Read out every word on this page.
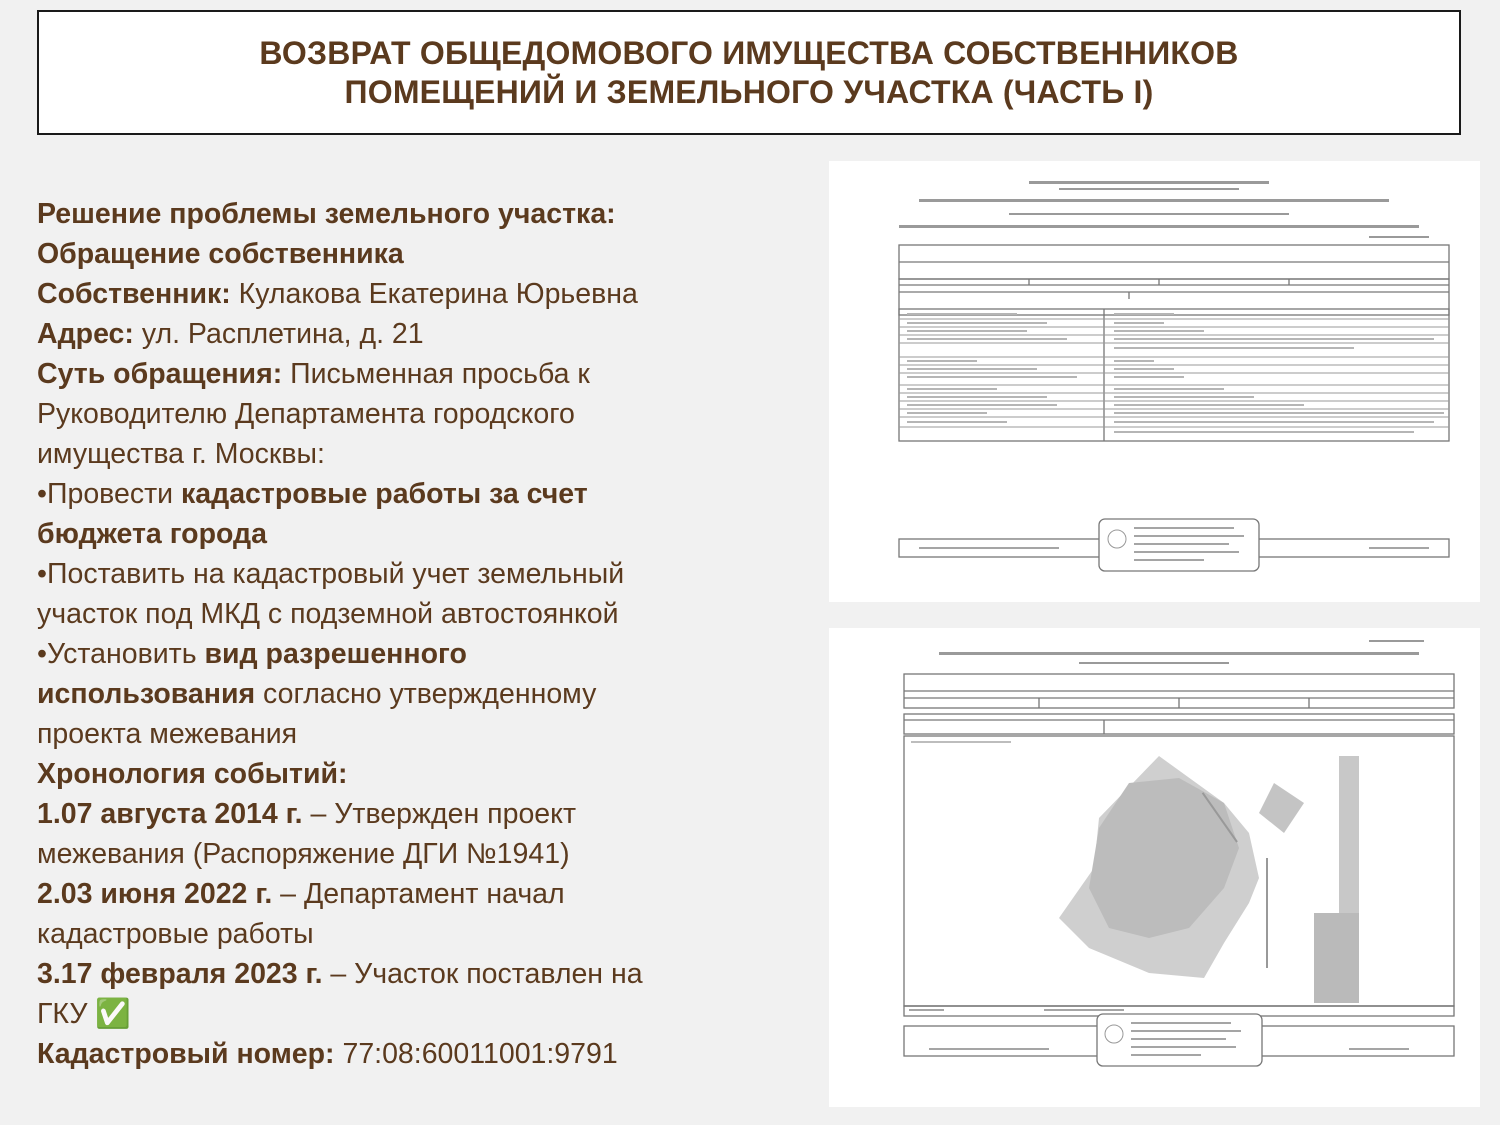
ВОЗВРАТ ОБЩЕДОМОВОГО ИМУЩЕСТВА СОБСТВЕННИКОВ
ПОМЕЩЕНИЙ И ЗЕМЕЛЬНОГО УЧАСТКА (ЧАСТЬ I)
Решение проблемы земельного участка:
Обращение собственника
Собственник: Кулакова Екатерина Юрьевна
Адрес: ул. Расплетина, д. 21
Суть обращения: Письменная просьба к
Руководителю Департамента городского
имущества г. Москвы:
•Провести кадастровые работы за счет
бюджета города
•Поставить на кадастровый учет земельный
участок под МКД с подземной автостоянкой
•Установить вид разрешенного
использования согласно утвержденному
проекта межевания
Хронология событий:
1.07 августа 2014 г. – Утвержден проект
межевания (Распоряжение ДГИ №1941)
2.03 июня 2022 г. – Департамент начал
кадастровые работы
3.17 февраля 2023 г. – Участок поставлен на
ГКУ ✅
Кадастровый номер: 77:08:60011001:9791
